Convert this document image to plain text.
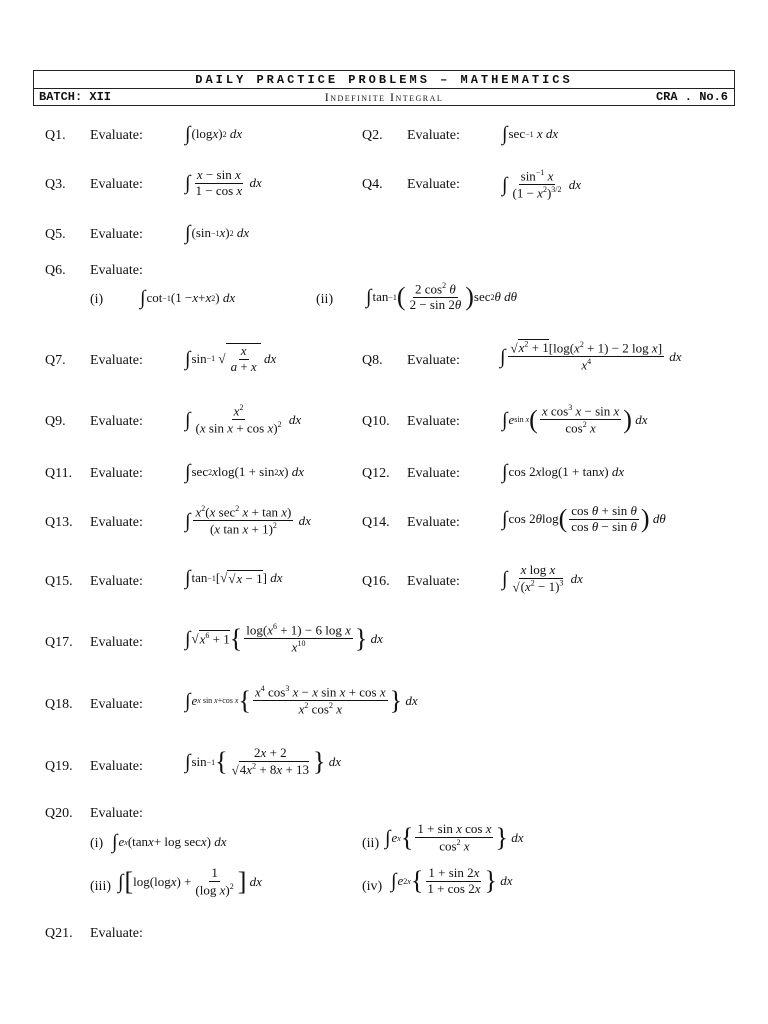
DAILY PRACTICE PROBLEMS – MATHEMATICS
BATCH: XII	Indefinite Integral	CRA . No.6
Q1. Evaluate: ∫ (log x ) 2
dx	Q2. Evaluate: ∫ sec −1
x dx
Q3. Evaluate: ∫ $\frac{\text{x − sin x}}{\text{1 − cos x}}$
dx	Q4. Evaluate: ∫ $\frac{\sin^{-1} x}{(1 - x^2)^{3/2}}$
dx
Q5. Evaluate: ∫ (sin −1 x ) 2
dx
Q6. Evaluate:
(i) ∫ cot −1 (1 − x + x 2 ) dx	(ii) ∫ tan −1 ( $\frac{2 \cos^2 \theta}{2 - \sin 2\theta}$ ) sec 2 θ dθ
Q7. Evaluate: ∫ sin −1 √ $\frac{x}{a + x}$
dx	Q8. Evaluate: ∫ $\frac{√x^2 + 1[\log(x^2 + 1) - 2 \log x]}{x^4}$
dx
Q9. Evaluate: ∫ $\frac{x^2}{(x \sin x + \cos x)^2}$
dx	Q10. Evaluate: ∫ e sin x ( $\frac{x \cos^3 x - \sin x}{\cos^2 x}$ )
dx
Q11. Evaluate: ∫ sec 2 x log(1 + sin 2 x ) dx	Q12. Evaluate: ∫ cos 2 x log(1 + tan x ) dx
Q13. Evaluate: ∫ $\frac{x^2(x \sec^2 x + \tan x)}{(x \tan x + 1)^2}$
dx	Q14. Evaluate: ∫ cos 2 θ log ( $\frac{\text{cos θ + sin θ}}{\text{cos θ − sin θ}}$ )
dθ
Q15. Evaluate: ∫ tan −1 [√ √x − 1 ] dx	Q16. Evaluate: ∫ $\frac{\text{x log x}}{√(x^2 - 1)^3}$
dx
Q17. Evaluate: ∫ √ $x^6 + 1$ { $\frac{\log(x^6 + 1) - 6 \log x}{x^{10}}$ }
dx
Q18. Evaluate: ∫ e x sin x+cos x { $\frac{x^4 \cos^3 x - x \sin x + \cos x}{x^2 \cos^2 x}$ }
dx
Q19. Evaluate: ∫ sin −1 { $\frac{2x + 2}{√4x^2 + 8x + 13}$ }
dx
Q20. Evaluate:
(i) ∫ e x (tan x + log sec x ) dx	(ii) ∫ e x { $\frac{\text{1 + sin x cos x}}{\cos^2 x}$ }
dx
(iii) ∫ [ log(log x ) + $\frac{1}{(\log x)^2}$ ]
dx	(iv) ∫ e 2x { $\frac{1 + \sin 2x}{1 + \cos 2x}$ }
dx
Q21. Evaluate:
